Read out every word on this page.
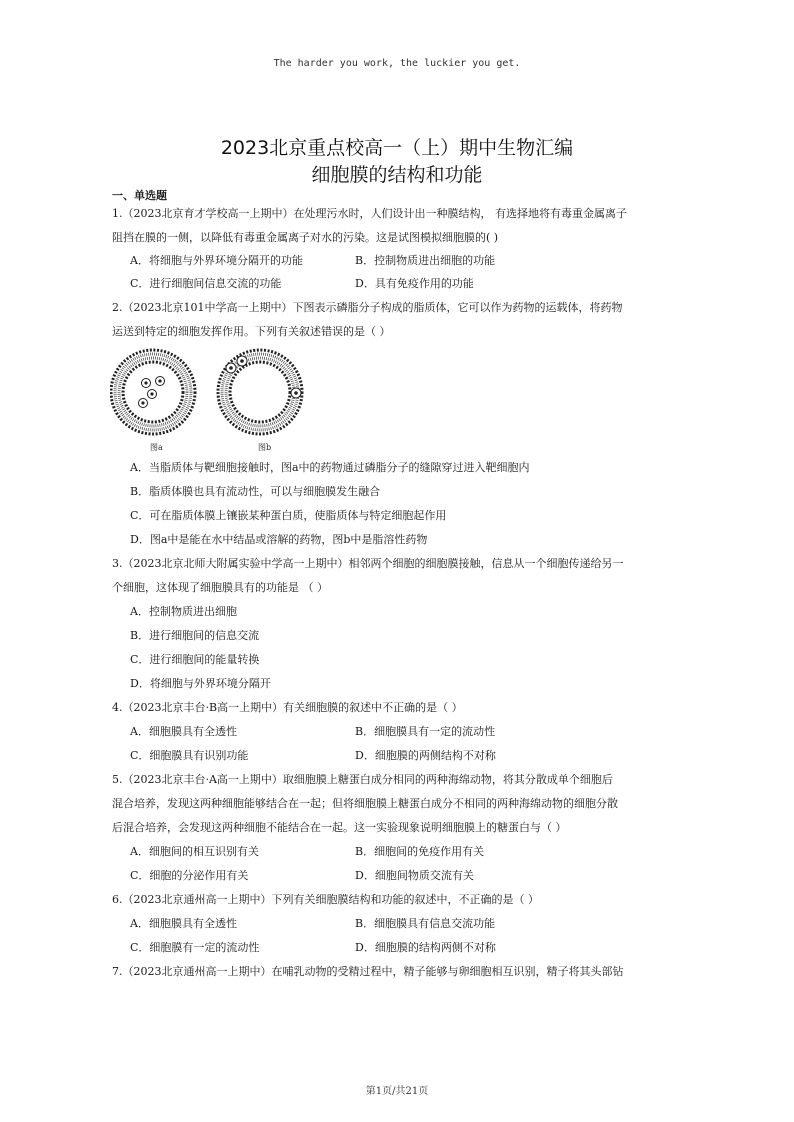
The harder you work, the luckier you get.
2023北京重点校高一（上）期中生物汇编
细胞膜的结构和功能
一、单选题
1.（2023北京育才学校高一上期中）在处理污水时，人们设计出一种膜结构， 有选择地将有毒重金属离子
阻挡在膜的一侧，以降低有毒重金属离子对水的污染。这是试图模拟细胞膜的( )
A．将细胞与外界环境分隔开的功能	B．控制物质进出细胞的功能
C．进行细胞间信息交流的功能	D．具有免疫作用的功能
2.（2023北京101中学高一上期中）下图表示磷脂分子构成的脂质体，它可以作为药物的运载体，将药物
运送到特定的细胞发挥作用。下列有关叙述错误的是（ ）
图a	图b
A．当脂质体与靶细胞接触时，图a中的药物通过磷脂分子的缝隙穿过进入靶细胞内
B．脂质体膜也具有流动性，可以与细胞膜发生融合
C．可在脂质体膜上镶嵌某种蛋白质，使脂质体与特定细胞起作用
D．图a中是能在水中结晶或溶解的药物，图b中是脂溶性药物
3.（2023北京北师大附属实验中学高一上期中）相邻两个细胞的细胞膜接触，信息从一个细胞传递给另一
个细胞，这体现了细胞膜具有的功能是 （ ）
A．控制物质进出细胞
B．进行细胞间的信息交流
C．进行细胞间的能量转换
D．将细胞与外界环境分隔开
4.（2023北京丰台·B高一上期中）有关细胞膜的叙述中不正确的是（ ）
A．细胞膜具有全透性	B．细胞膜具有一定的流动性
C．细胞膜具有识别功能	D．细胞膜的两侧结构不对称
5.（2023北京丰台·A高一上期中）取细胞膜上糖蛋白成分相同的两种海绵动物，将其分散成单个细胞后
混合培养，发现这两种细胞能够结合在一起；但将细胞膜上糖蛋白成分不相同的两种海绵动物的细胞分散
后混合培养，会发现这两种细胞不能结合在一起。这一实验现象说明细胞膜上的糖蛋白与（ ）
A．细胞间的相互识别有关	B．细胞间的免疫作用有关
C．细胞的分泌作用有关	D．细胞间物质交流有关
6.（2023北京通州高一上期中）下列有关细胞膜结构和功能的叙述中，不正确的是（ ）
A．细胞膜具有全透性	B．细胞膜具有信息交流功能
C．细胞膜有一定的流动性	D．细胞膜的结构两侧不对称
7.（2023北京通州高一上期中）在哺乳动物的受精过程中，精子能够与卵细胞相互识别，精子将其头部钻
第1页/共21页
